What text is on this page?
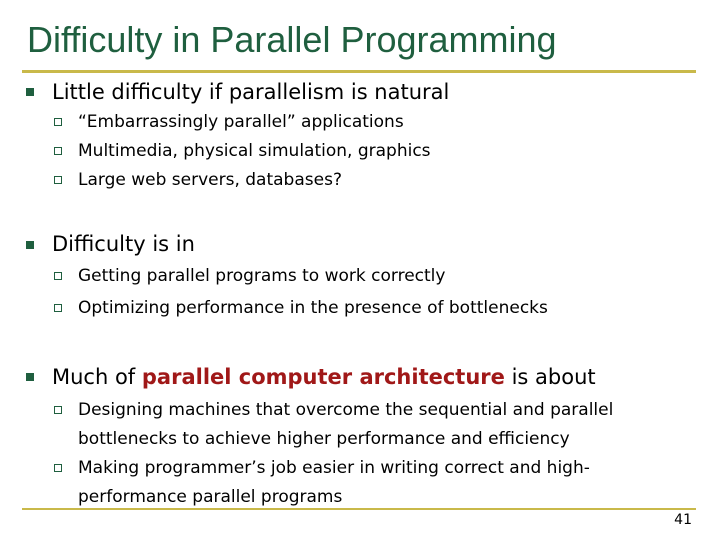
Difficulty in Parallel Programming
Little difficulty if parallelism is natural
“Embarrassingly parallel” applications
Multimedia, physical simulation, graphics
Large web servers, databases?
Difficulty is in
Getting parallel programs to work correctly
Optimizing performance in the presence of bottlenecks
Much of parallel computer architecture is about
Designing machines that overcome the sequential and parallel bottlenecks to achieve higher performance and efficiency
Making programmer’s job easier in writing correct and high-performance parallel programs
41
